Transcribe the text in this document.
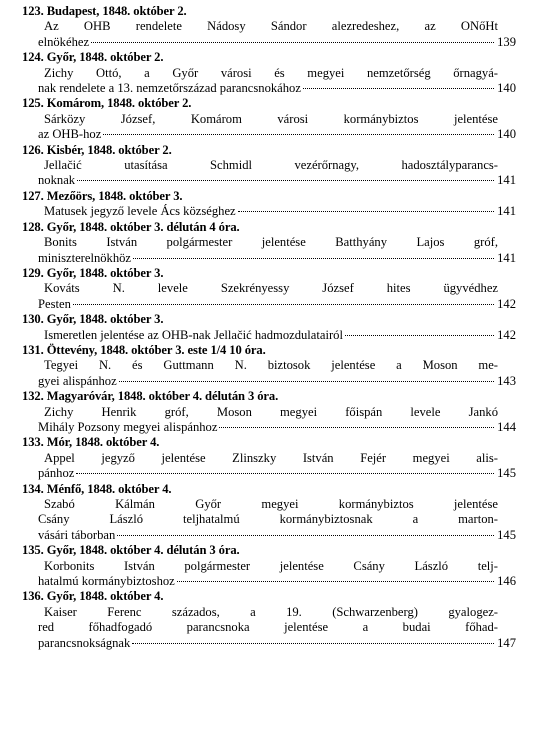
123. Budapest, 1848. október 2.
Az OHB rendelete Nádosy Sándor alezredeshez, az ONőHt
elnökéhez	139
124. Győr, 1848. október 2.
Zichy Ottó, a Győr városi és megyei nemzetőrség őrnagyá-
nak rendelete a 13. nemzetőrszázad parancsnokához	140
125. Komárom, 1848. október 2.
Sárközy József, Komárom városi kormánybiztos jelentése
az OHB-hoz	140
126. Kisbér, 1848. október 2.
Jellačić utasítása Schmidl vezérőrnagy, hadosztályparancs-
noknak	141
127. Mezőörs, 1848. október 3.
Matusek jegyző levele Ács községhez	141
128. Győr, 1848. október 3. délután 4 óra.
Bonits István polgármester jelentése Batthyány Lajos gróf,
miniszterelnökhöz	141
129. Győr, 1848. október 3.
Kováts N. levele Szekrényessy József hites ügyvédhez
Pesten	142
130. Győr, 1848. október 3.
Ismeretlen jelentése az OHB-nak Jellačić hadmozdulatairól	142
131. Öttevény, 1848. október 3. este 1/4 10 óra.
Tegyei N. és Guttmann N. biztosok jelentése a Moson me-
gyei alispánhoz	143
132. Magyaróvár, 1848. október 4. délután 3 óra.
Zichy Henrik gróf, Moson megyei főispán levele Jankó
Mihály Pozsony megyei alispánhoz	144
133. Mór, 1848. október 4.
Appel jegyző jelentése Zlinszky István Fejér megyei alis-
pánhoz	145
134. Ménfő, 1848. október 4.
Szabó Kálmán Győr megyei kormánybiztos jelentése
Csány László teljhatalmú kormánybiztosnak a marton-
vásári táborban	145
135. Győr, 1848. október 4. délután 3 óra.
Korbonits István polgármester jelentése Csány László telj-
hatalmú kormánybiztoshoz	146
136. Győr, 1848. október 4.
Kaiser Ferenc százados, a 19. (Schwarzenberg) gyalogez-
red főhadfogadó parancsnoka jelentése a budai főhad-
parancsnokságnak	147
